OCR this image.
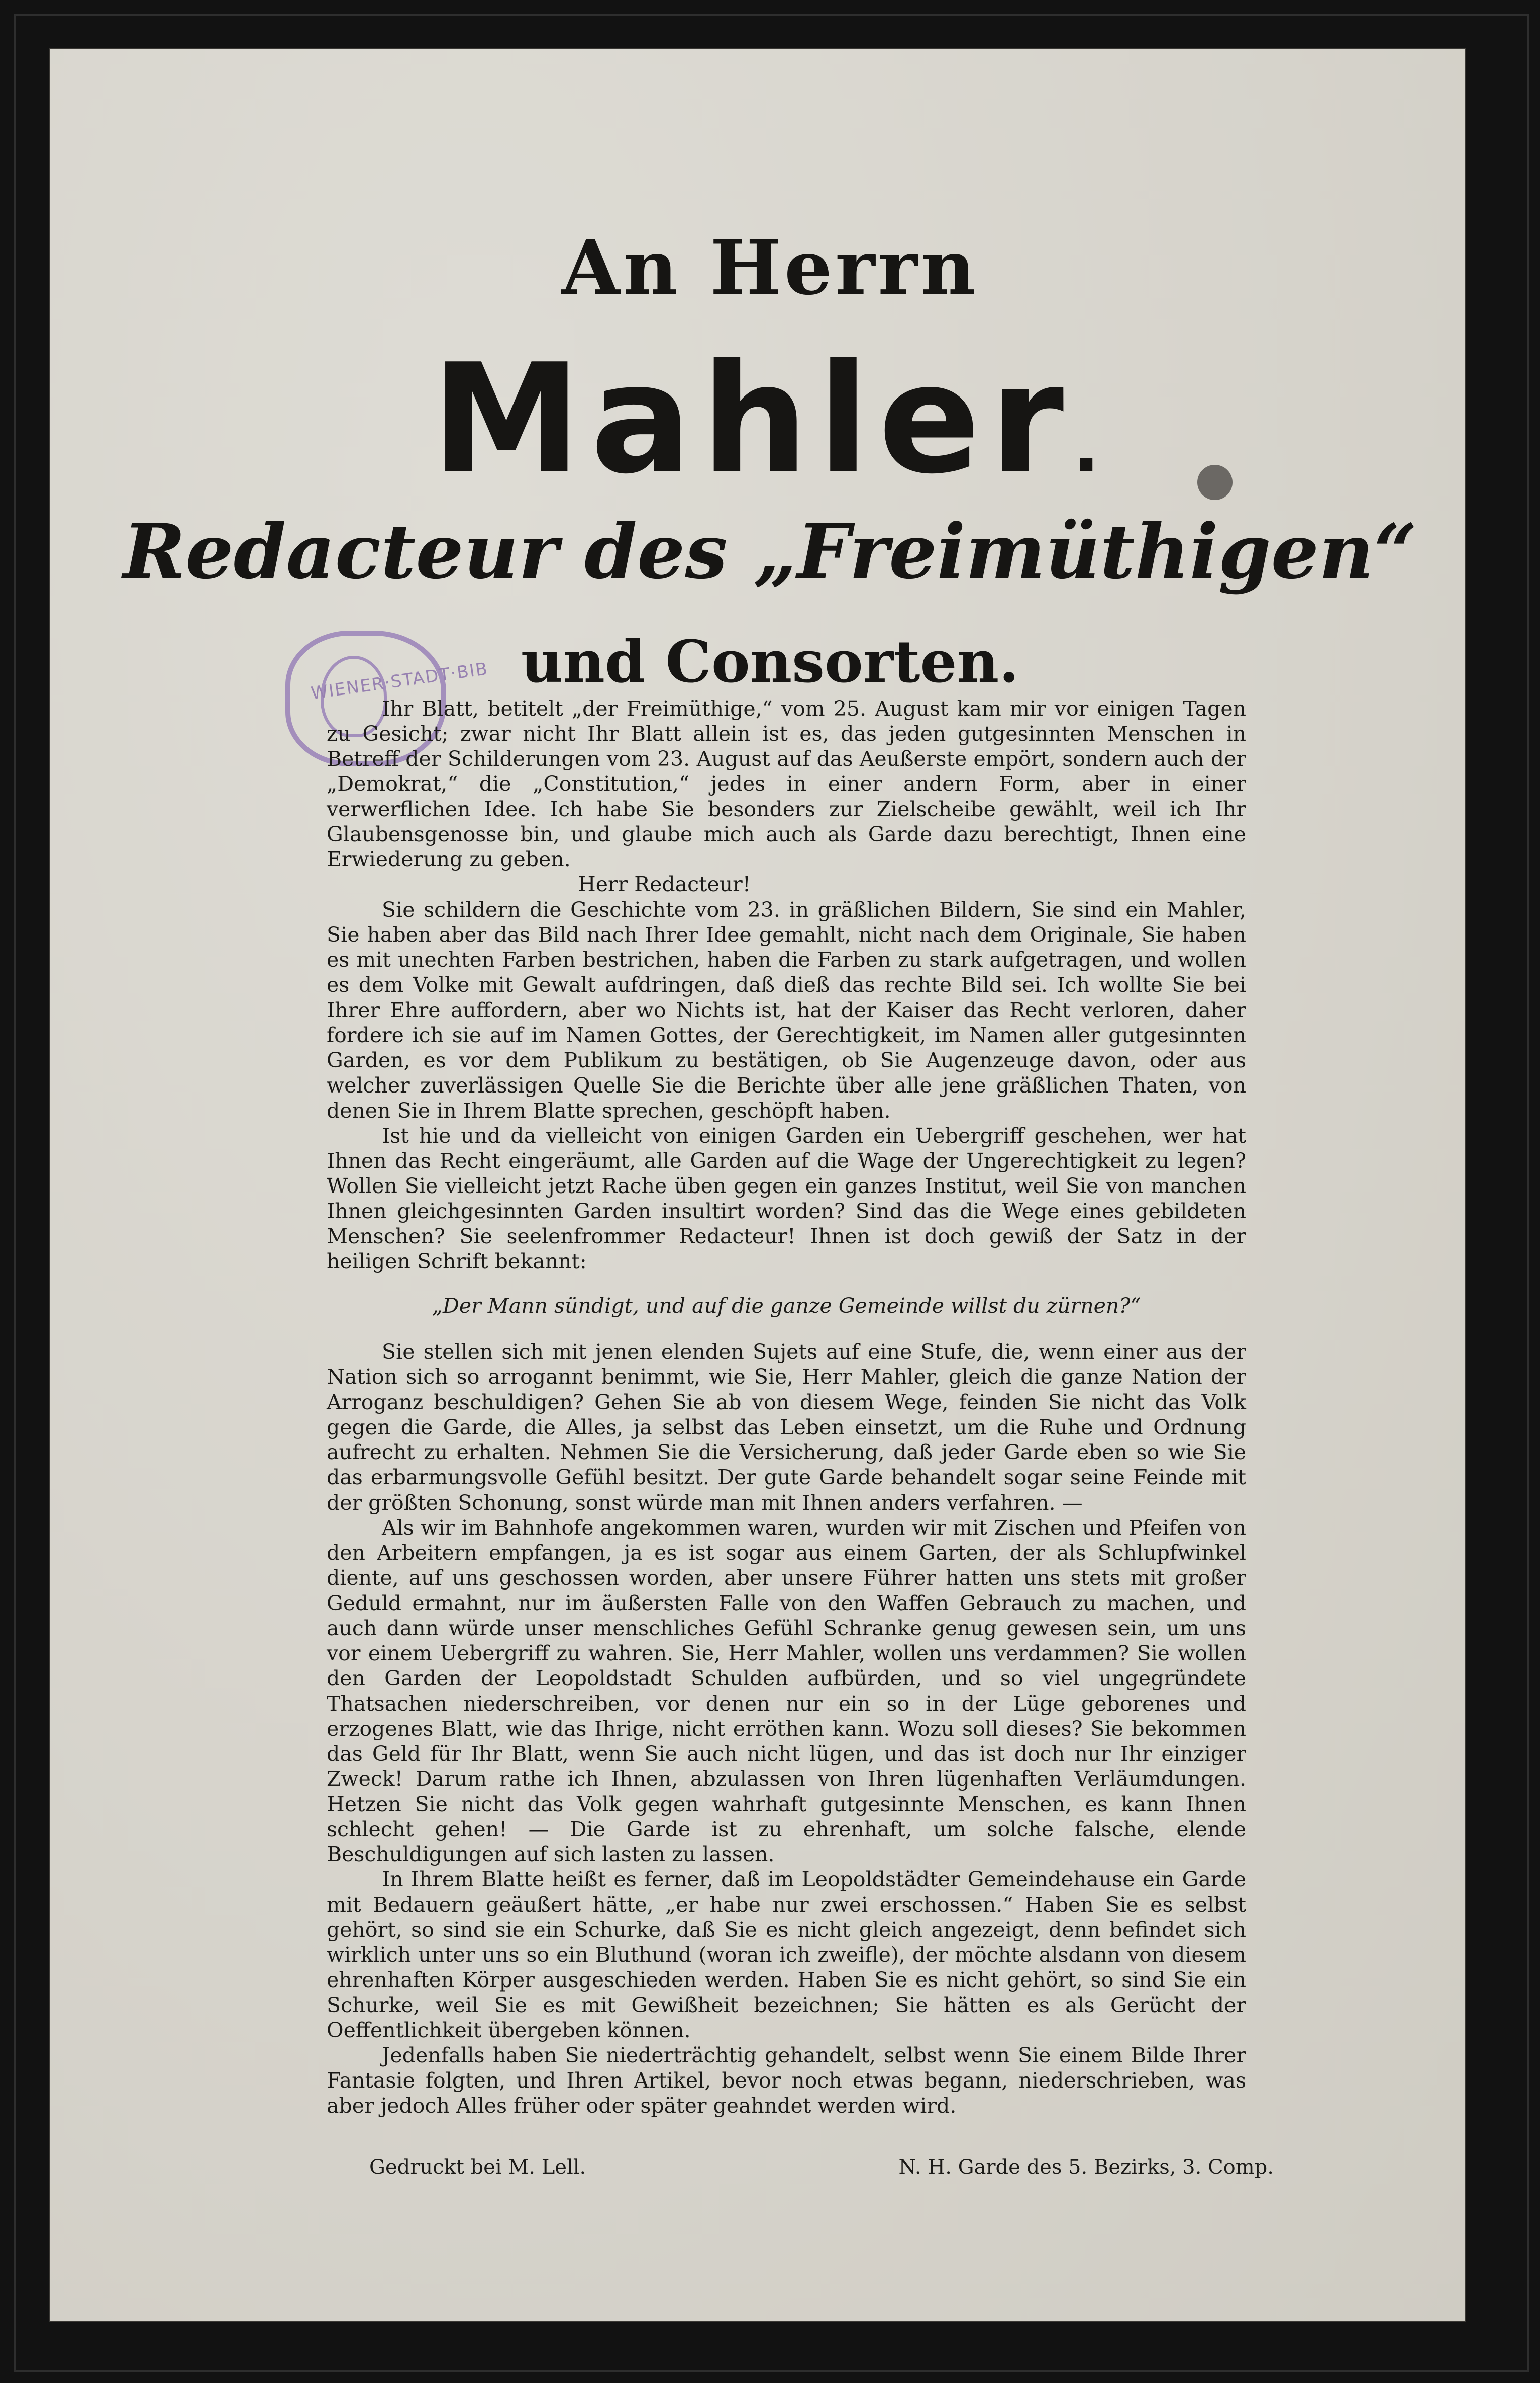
WIENER·STADT·BIB
An Herrn
Mahler.
Redacteur des „Freimüthigen“
und Consorten.

Ihr Blatt, betitelt „der Freimüthige,“ vom 25. August kam mir vor einigen Tagen zu Gesicht; zwar nicht Ihr Blatt allein ist es, das jeden gutgesinnten Menschen in Betreff der Schilderungen vom 23. August auf das Aeußerste empört, sondern auch der „Demokrat,“ die „Constitution,“ jedes in einer andern Form, aber in einer verwerflichen Idee. Ich habe Sie besonders zur Zielscheibe gewählt, weil ich Ihr Glaubensgenosse bin, und glaube mich auch als Garde dazu berechtigt, Ihnen eine Erwiederung zu geben.

Herr Redacteur!

Sie schildern die Geschichte vom 23. in gräßlichen Bildern, Sie sind ein Mahler, Sie haben aber das Bild nach Ihrer Idee gemahlt, nicht nach dem Originale, Sie haben es mit unechten Farben bestrichen, haben die Farben zu stark aufgetragen, und wollen es dem Volke mit Gewalt aufdringen, daß dieß das rechte Bild sei. Ich wollte Sie bei Ihrer Ehre auffordern, aber wo Nichts ist, hat der Kaiser das Recht verloren, daher fordere ich sie auf im Namen Gottes, der Gerechtigkeit, im Namen aller gutgesinnten Garden, es vor dem Publikum zu bestätigen, ob Sie Augenzeuge davon, oder aus welcher zuverlässigen Quelle Sie die Berichte über alle jene gräßlichen Thaten, von denen Sie in Ihrem Blatte sprechen, geschöpft haben.

Ist hie und da vielleicht von einigen Garden ein Uebergriff geschehen, wer hat Ihnen das Recht eingeräumt, alle Garden auf die Wage der Ungerechtigkeit zu legen? Wollen Sie vielleicht jetzt Rache üben gegen ein ganzes Institut, weil Sie von manchen Ihnen gleichgesinnten Garden insultirt worden? Sind das die Wege eines gebildeten Menschen? Sie seelenfrommer Redacteur! Ihnen ist doch gewiß der Satz in der heiligen Schrift bekannt:

„Der Mann sündigt, und auf die ganze Gemeinde willst du zürnen?“

Sie stellen sich mit jenen elenden Sujets auf eine Stufe, die, wenn einer aus der Nation sich so arrogannt benimmt, wie Sie, Herr Mahler, gleich die ganze Nation der Arroganz beschuldigen? Gehen Sie ab von diesem Wege, feinden Sie nicht das Volk gegen die Garde, die Alles, ja selbst das Leben einsetzt, um die Ruhe und Ordnung aufrecht zu erhalten. Nehmen Sie die Versicherung, daß jeder Garde eben so wie Sie das erbarmungsvolle Gefühl besitzt. Der gute Garde behandelt sogar seine Feinde mit der größten Schonung, sonst würde man mit Ihnen anders verfahren. —

Als wir im Bahnhofe angekommen waren, wurden wir mit Zischen und Pfeifen von den Arbeitern empfangen, ja es ist sogar aus einem Garten, der als Schlupfwinkel diente, auf uns geschossen worden, aber unsere Führer hatten uns stets mit großer Geduld ermahnt, nur im äußersten Falle von den Waffen Gebrauch zu machen, und auch dann würde unser menschliches Gefühl Schranke genug gewesen sein, um uns vor einem Uebergriff zu wahren. Sie, Herr Mahler, wollen uns verdammen? Sie wollen den Garden der Leopoldstadt Schulden aufbürden, und so viel ungegründete Thatsachen niederschreiben, vor denen nur ein so in der Lüge geborenes und erzogenes Blatt, wie das Ihrige, nicht erröthen kann. Wozu soll dieses? Sie bekommen das Geld für Ihr Blatt, wenn Sie auch nicht lügen, und das ist doch nur Ihr einziger Zweck! Darum rathe ich Ihnen, abzulassen von Ihren lügenhaften Verläumdungen. Hetzen Sie nicht das Volk gegen wahrhaft gutgesinnte Menschen, es kann Ihnen schlecht gehen! — Die Garde ist zu ehrenhaft, um solche falsche, elende Beschuldigungen auf sich lasten zu lassen.

In Ihrem Blatte heißt es ferner, daß im Leopoldstädter Gemeindehause ein Garde mit Bedauern geäußert hätte, „er habe nur zwei erschossen.“ Haben Sie es selbst gehört, so sind sie ein Schurke, daß Sie es nicht gleich angezeigt, denn befindet sich wirklich unter uns so ein Bluthund (woran ich zweifle), der möchte alsdann von diesem ehrenhaften Körper ausgeschieden werden. Haben Sie es nicht gehört, so sind Sie ein Schurke, weil Sie es mit Gewißheit bezeichnen; Sie hätten es als Gerücht der Oeffentlichkeit übergeben können.

Jedenfalls haben Sie niederträchtig gehandelt, selbst wenn Sie einem Bilde Ihrer Fantasie folgten, und Ihren Artikel, bevor noch etwas begann, niederschrieben, was aber jedoch Alles früher oder später geahndet werden wird.

Gedruckt bei M. Lell.	N. H. Garde des 5. Bezirks, 3. Comp.
